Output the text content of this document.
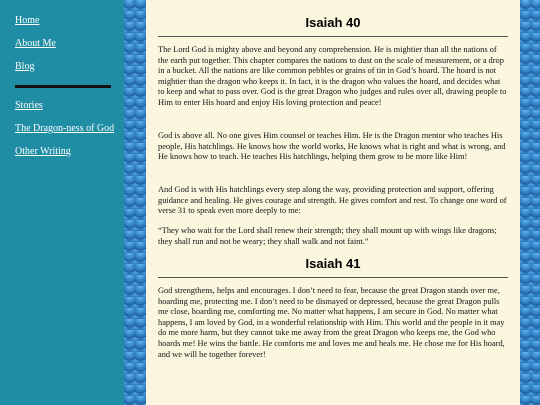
Home
About Me
Blog
Stories
The Dragon-ness of God
Other Writing
Isaiah 40

The Lord God is mighty above and beyond any comprehension. He is mightier than all the nations of the earth put together. This chapter compares the nations to dust on the scale of measurement, or a drop in a bucket. All the nations are like common pebbles or grains of tin in God’s hoard. The hoard is not mightier than the dragon who keeps it. In fact, it is the dragon who values the hoard, and decides what to keep and what to pass over. God is the great Dragon who judges and rules over all, drawing people to Him to enter His hoard and enjoy His loving protection and peace!

God is above all. No one gives Him counsel or teaches Him. He is the Dragon mentor who teaches His people, His hatchlings. He knows how the world works, He knows what is right and what is wrong, and He knows how to teach. He teaches His hatchlings, helping them grow to be more like Him!

And God is with His hatchlings every step along the way, providing protection and support, offering guidance and healing. He gives courage and strength. He gives comfort and rest. To change one word of verse 31 to speak even more deeply to me:

“They who wait for the Lord shall renew their strength; they shall mount up with wings like dragons; they shall run and not be weary; they shall walk and not faint.”

Isaiah 41

God strengthens, helps and encourages. I don’t need to fear, because the great Dragon stands over me, hoarding me, protecting me. I don’t need to be dismayed or depressed, because the great Dragon pulls me close, hoarding me, comforting me. No matter what happens, I am secure in God. No matter what happens, I am loved by God, in a wonderful relationship with Him. This world and the people in it may do me more harm, but they cannot take me away from the great Dragon who keeps me, the God who hoards me! He wins the battle. He comforts me and loves me and heals me. He chose me for His hoard, and we will be together forever!
